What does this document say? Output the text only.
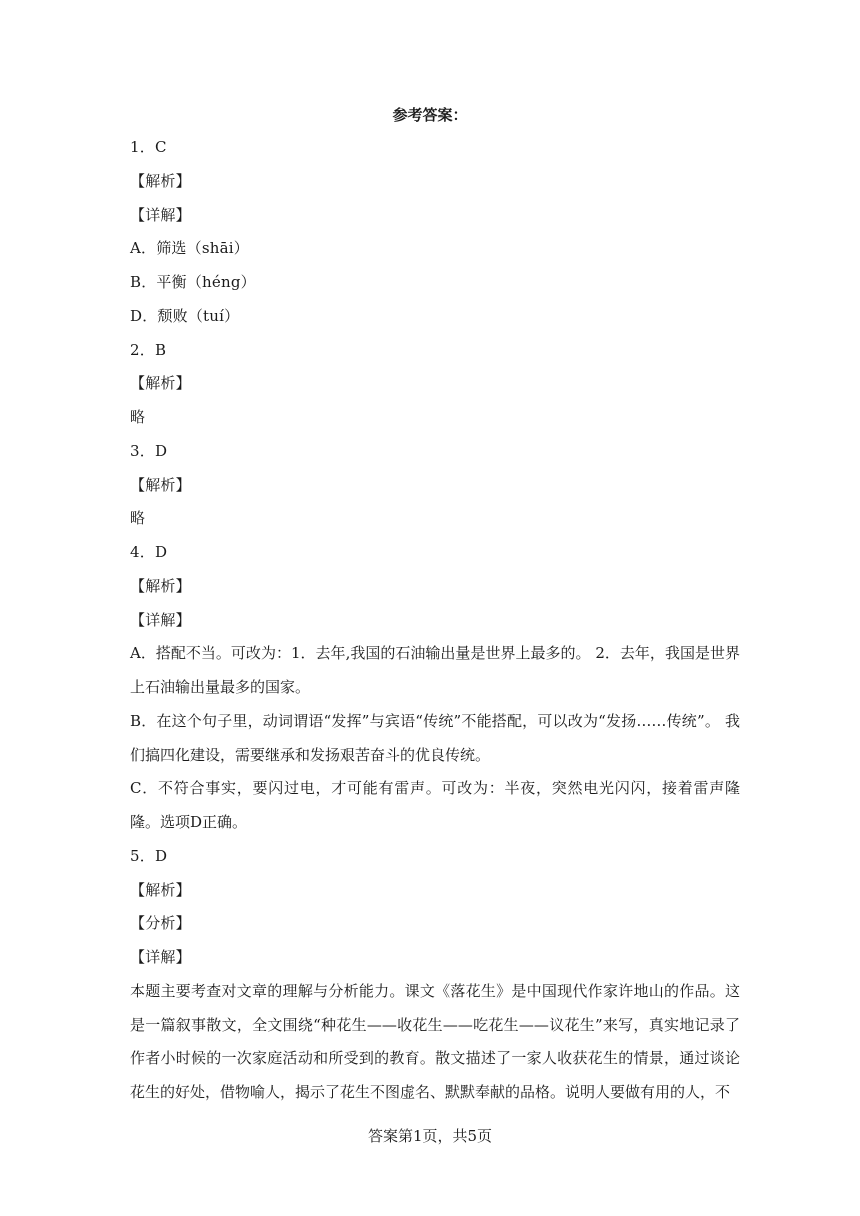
参考答案：
1．C
【解析】
【详解】
A．筛选（shāi）
B．平衡（héng）
D．颓败（tuí）
2．B
【解析】
略
3．D
【解析】
略
4．D
【解析】
【详解】
A．搭配不当。可改为：1．去年,我国的石油输出量是世界上最多的。 2．去年，我国是世界上石油输出量最多的国家。
B．在这个句子里，动词谓语“发挥”与宾语“传统”不能搭配，可以改为“发扬……传统”。 我们搞四化建设，需要继承和发扬艰苦奋斗的优良传统。
C．不符合事实，要闪过电，才可能有雷声。可改为：半夜，突然电光闪闪，接着雷声隆隆。选项D正确。
5．D
【解析】
【分析】
【详解】
本题主要考查对文章的理解与分析能力。课文《落花生》是中国现代作家许地山的作品。这是一篇叙事散文，全文围绕“种花生——收花生——吃花生——议花生”来写，真实地记录了作者小时候的一次家庭活动和所受到的教育。散文描述了一家人收获花生的情景，通过谈论花生的好处，借物喻人，揭示了花生不图虚名、默默奉献的品格。说明人要做有用的人，不
答案第1页，共5页
